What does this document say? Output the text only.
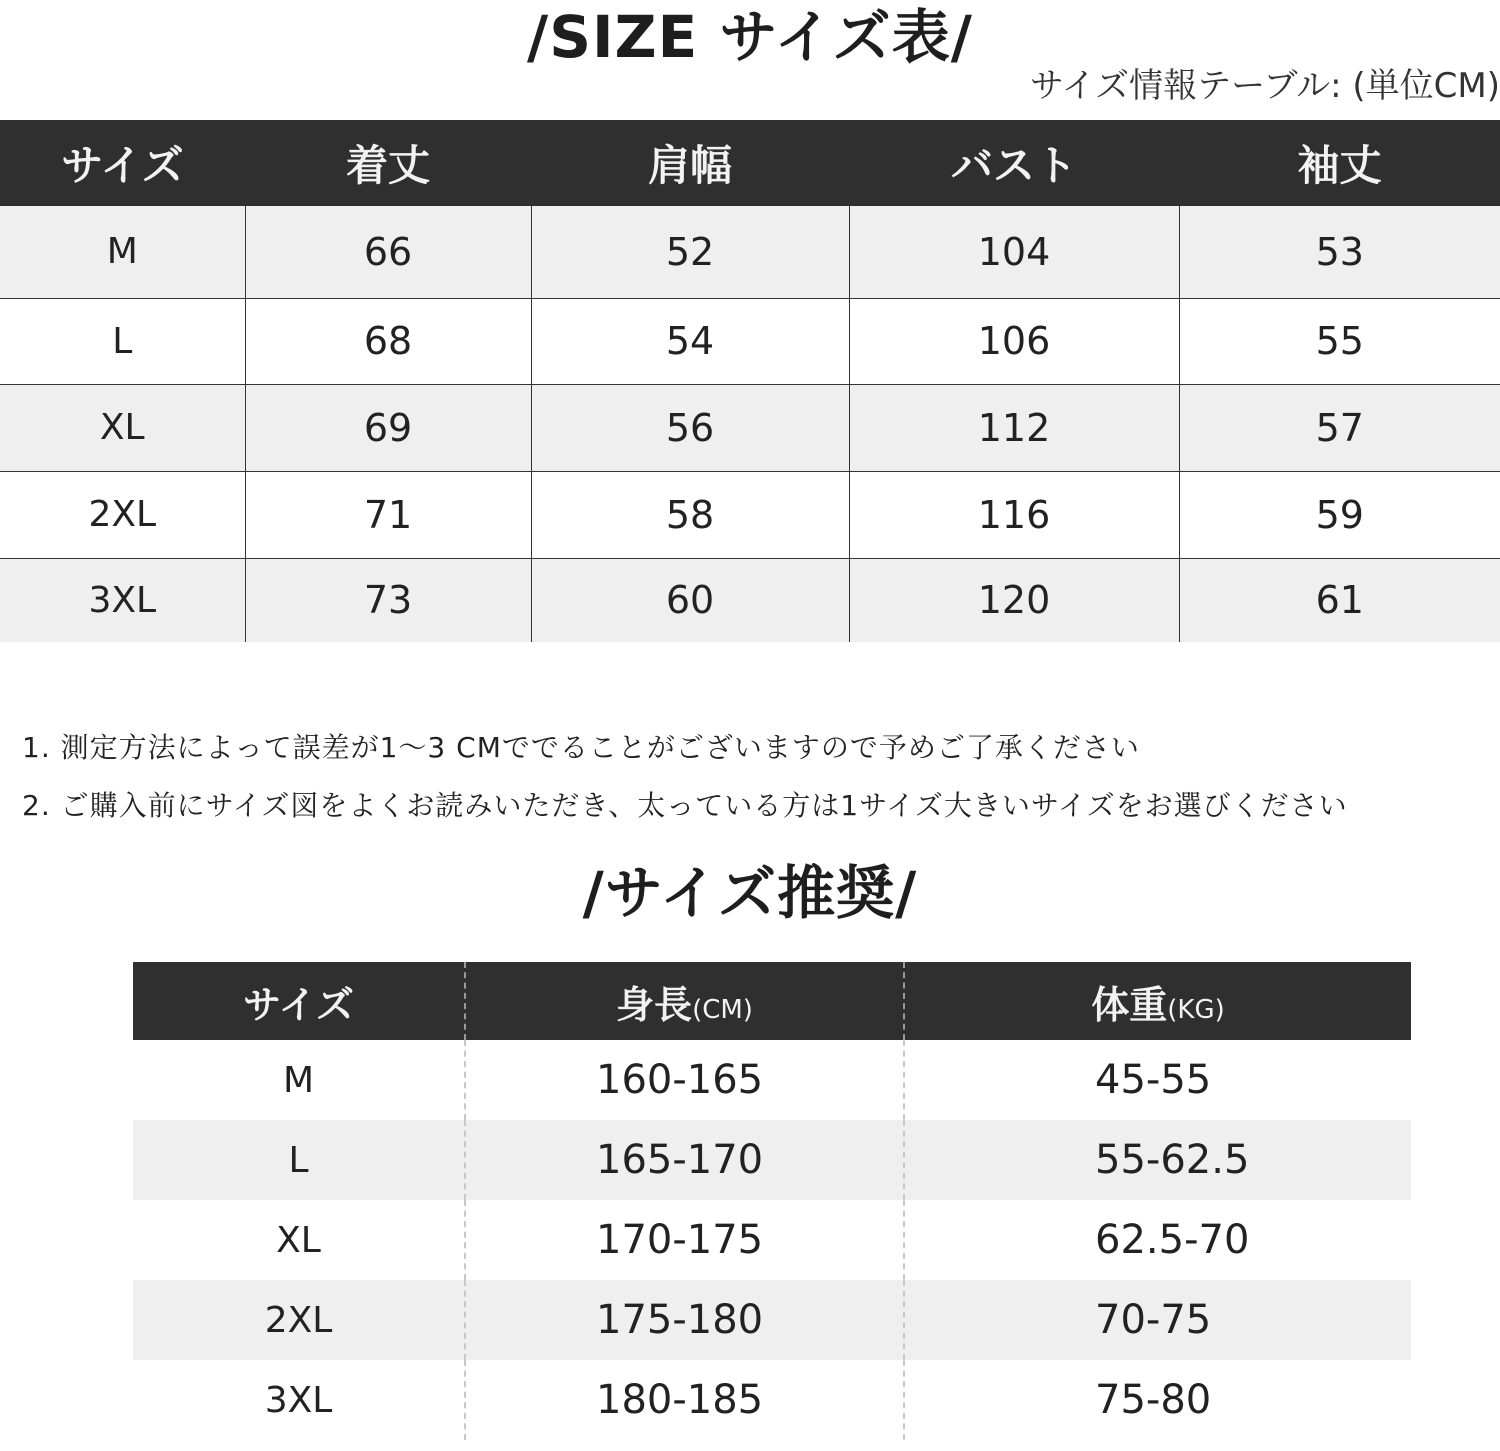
/SIZE サイズ表/
サイズ情報テーブル: (単位CM)
サイズ	着丈	肩幅	バスト	袖丈
M	66	52	104	53
L	68	54	106	55
XL	69	56	112	57
2XL	71	58	116	59
3XL	73	60	120	61
1. 測定方法によって誤差が1～3 CMででることがございますので予めご了承ください
2. ご購入前にサイズ図をよくお読みいただき、太っている方は1サイズ大きいサイズをお選びください
/サイズ推奨/
サイズ	身長(CM)	体重(KG)
M	160-165	45-55
L	165-170	55-62.5
XL	170-175	62.5-70
2XL	175-180	70-75
3XL	180-185	75-80
